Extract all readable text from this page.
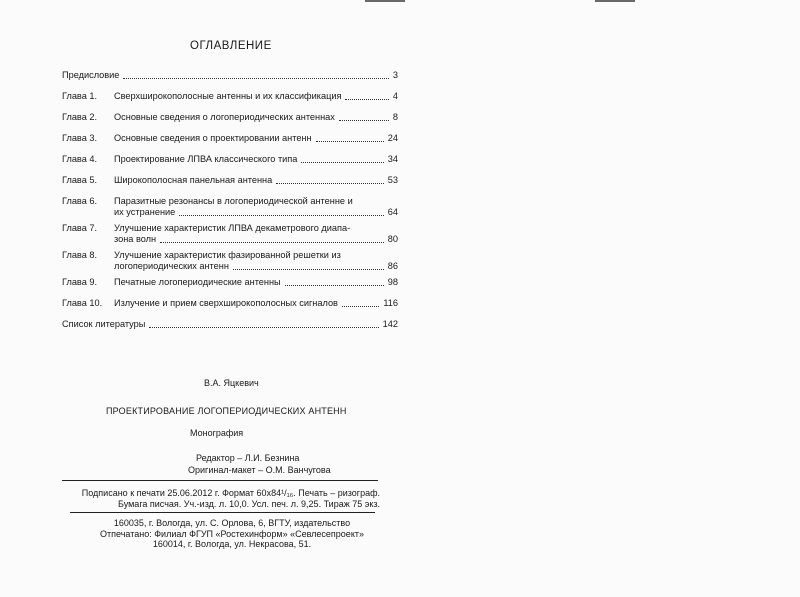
ОГЛАВЛЕНИЕ
Предисловие	3
Глава 1. Сверхширокополосные антенны и их классификация	4
Глава 2. Основные сведения о логопериодических антеннах	8
Глава 3. Основные сведения о проектировании антенн	24
Глава 4. Проектирование ЛПВА классического типа	34
Глава 5. Широкополосная панельная антенна	53
Глава 6. Паразитные резонансы в логопериодической антенне и
их устранение	64
Глава 7. Улучшение характеристик ЛПВА декаметрового диапа-
зона волн	80
Глава 8. Улучшение характеристик фазированной решетки из
логопериодических антенн	86
Глава 9. Печатные логопериодические антенны	98
Глава 10. Излучение и прием сверхширокополосных сигналов	116
Список литературы	142
В.А. Яцкевич
ПРОЕКТИРОВАНИЕ ЛОГОПЕРИОДИЧЕСКИХ АНТЕНН
Монография
Редактор – Л.И. Безнина
Оригинал-макет – О.М. Ванчугова
Подписано к печати 25.06.2012 г. Формат 60х84¹/₁₆. Печать – ризограф.
Бумага писчая. Уч.-изд. л. 10,0. Усл. печ. л. 9,25. Тираж 75 экз.
160035, г. Вологда, ул. С. Орлова, 6, ВГТУ, издательство
Отпечатано: Филиал ФГУП «Ростехинформ» «Севлесепроект»
160014, г. Вологда, ул. Некрасова, 51.
